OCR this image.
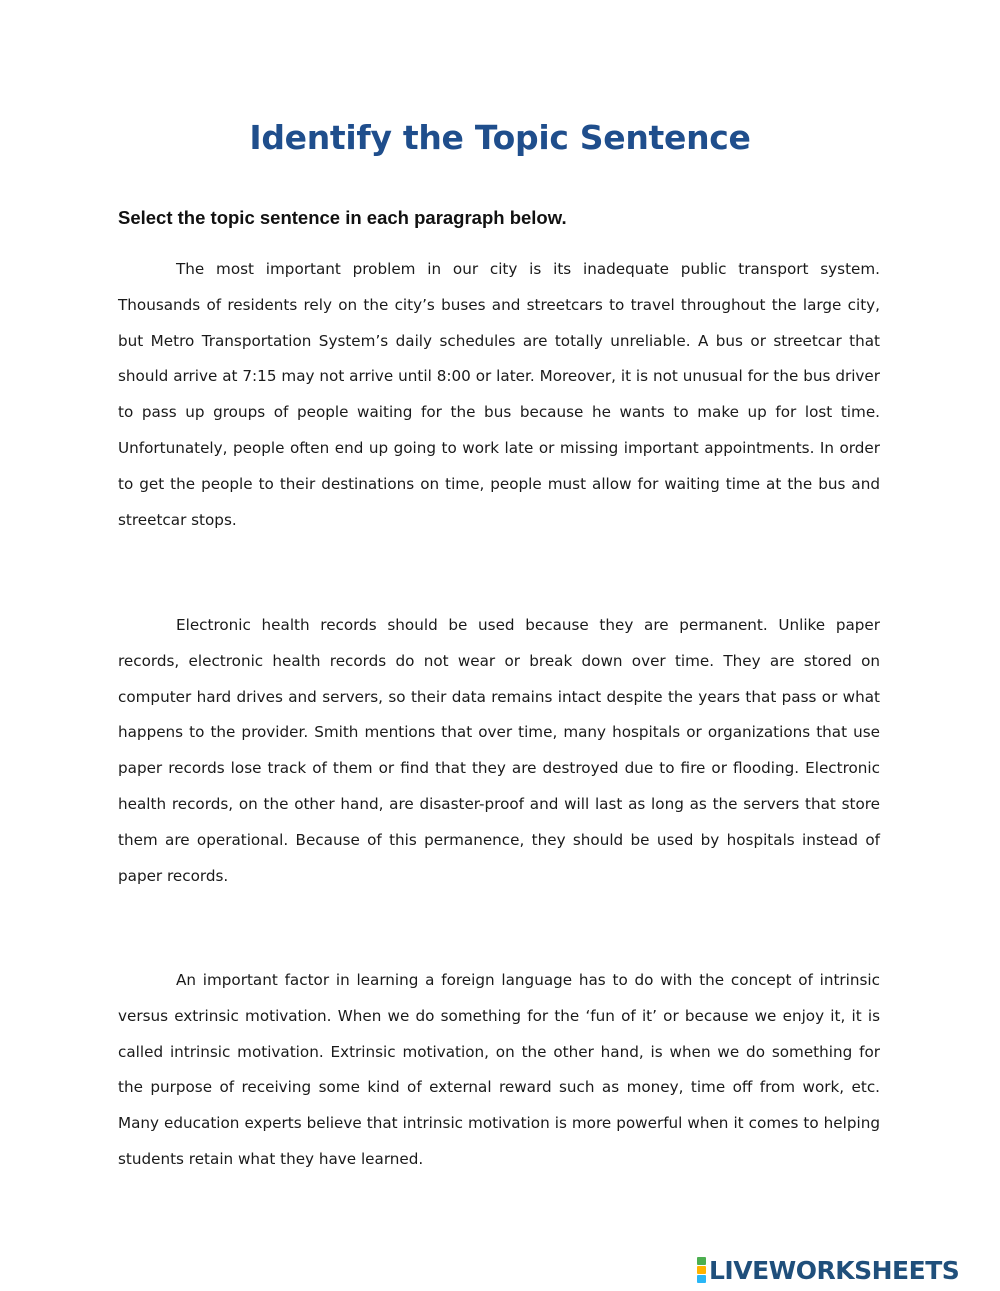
Identify the Topic Sentence

Select the topic sentence in each paragraph below.

The most important problem in our city is its inadequate public transport system. Thousands of residents rely on the city’s buses and streetcars to travel throughout the large city, but Metro Transportation System’s daily schedules are totally unreliable. A bus or streetcar that should arrive at 7:15 may not arrive until 8:00 or later. Moreover, it is not unusual for the bus driver to pass up groups of people waiting for the bus because he wants to make up for lost time. Unfortunately, people often end up going to work late or missing important appointments. In order to get the people to their destinations on time, people must allow for waiting time at the bus and streetcar stops.

Electronic health records should be used because they are permanent. Unlike paper records, electronic health records do not wear or break down over time. They are stored on computer hard drives and servers, so their data remains intact despite the years that pass or what happens to the provider. Smith mentions that over time, many hospitals or organizations that use paper records lose track of them or find that they are destroyed due to fire or flooding. Electronic health records, on the other hand, are disaster-proof and will last as long as the servers that store them are operational. Because of this permanence, they should be used by hospitals instead of paper records.

An important factor in learning a foreign language has to do with the concept of intrinsic versus extrinsic motivation. When we do something for the ‘fun of it’ or because we enjoy it, it is called intrinsic motivation. Extrinsic motivation, on the other hand, is when we do something for the purpose of receiving some kind of external reward such as money, time off from work, etc. Many education experts believe that intrinsic motivation is more powerful when it comes to helping students retain what they have learned.

LIVEWORKSHEETS
